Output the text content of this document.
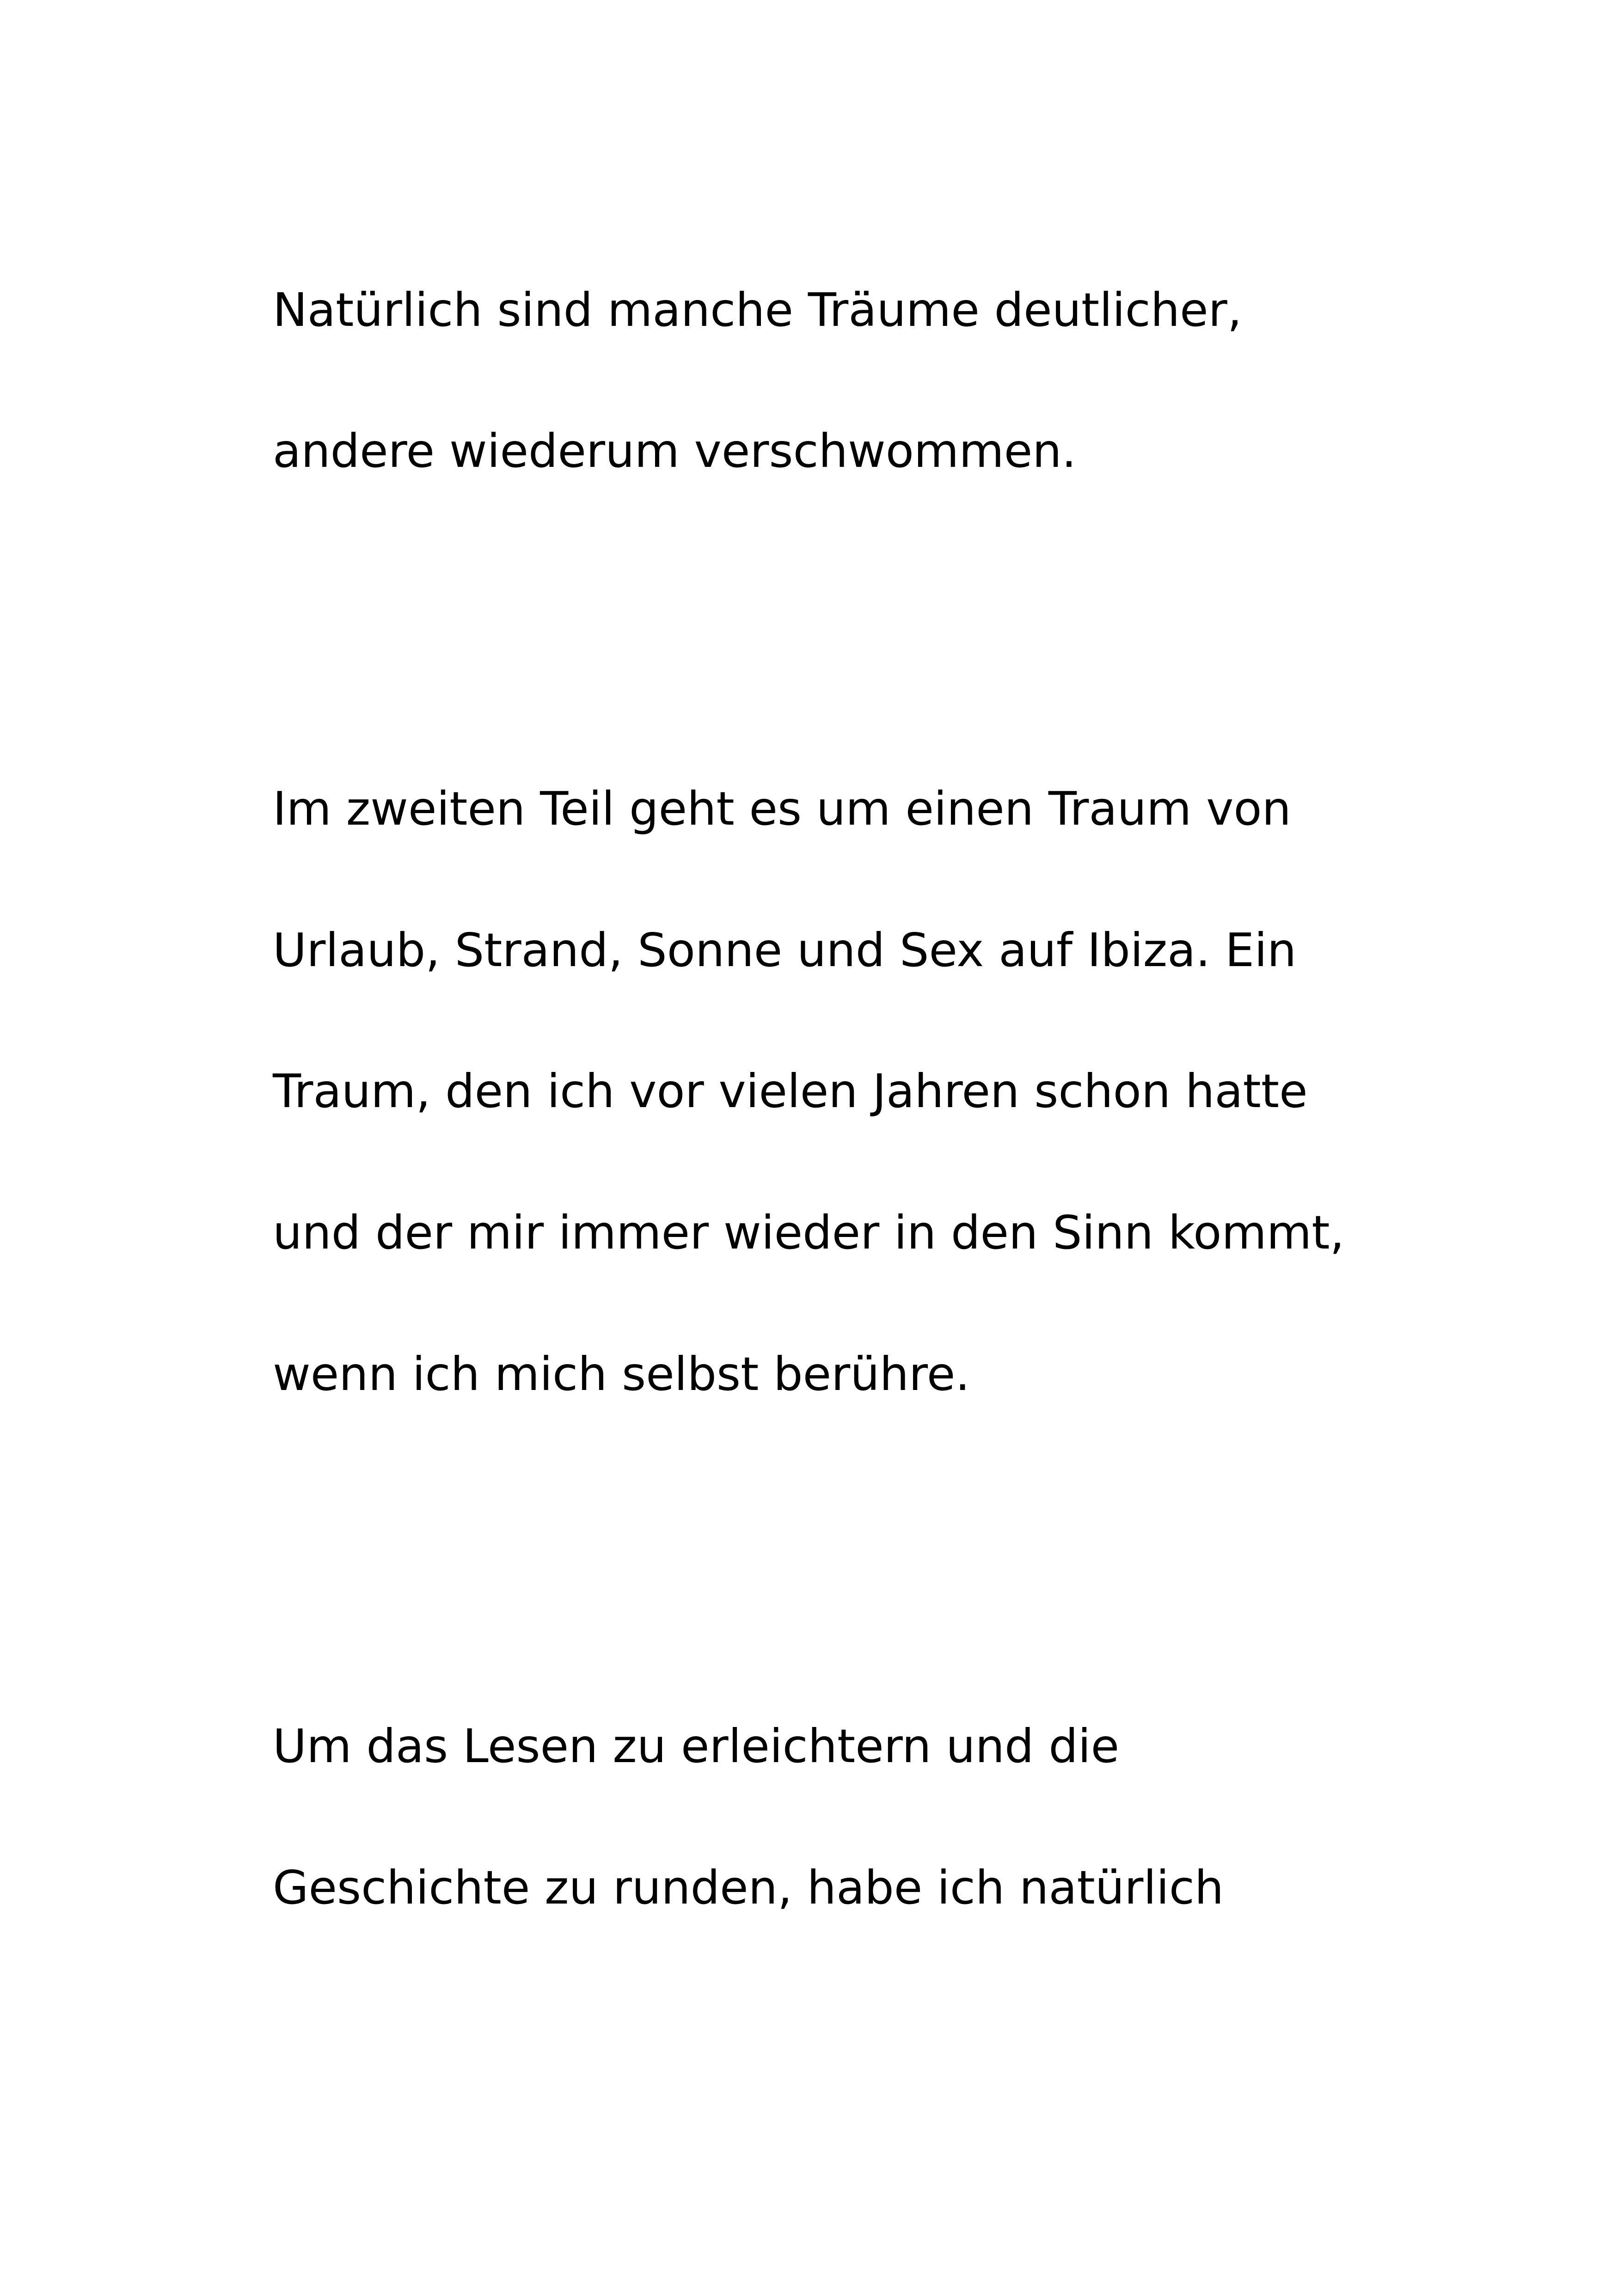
Natürlich sind manche Träume deutlicher,

andere wiederum verschwommen.

Im zweiten Teil geht es um einen Traum von

Urlaub, Strand, Sonne und Sex auf Ibiza. Ein

Traum, den ich vor vielen Jahren schon hatte

und der mir immer wieder in den Sinn kommt,

wenn ich mich selbst berühre.

Um das Lesen zu erleichtern und die

Geschichte zu runden, habe ich natürlich
